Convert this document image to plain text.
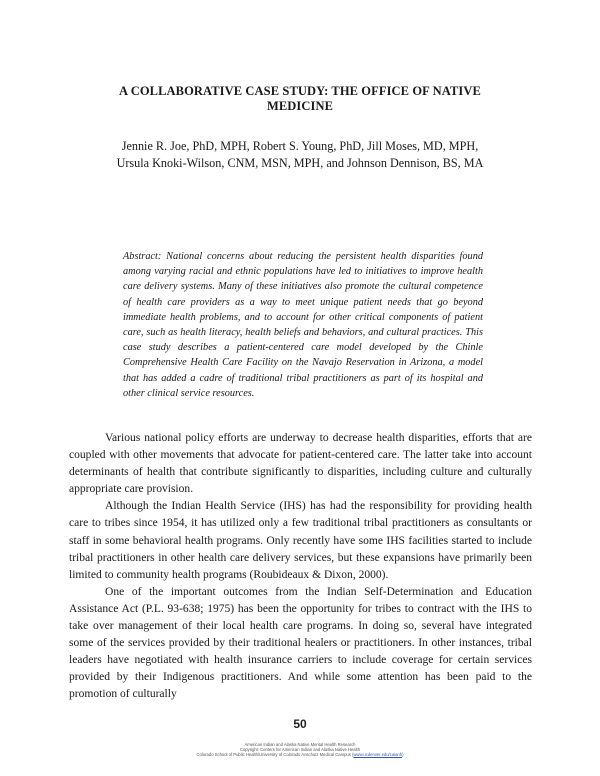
A COLLABORATIVE CASE STUDY: THE OFFICE OF NATIVE MEDICINE
Jennie R. Joe, PhD, MPH, Robert S. Young, PhD, Jill Moses, MD, MPH,
Ursula Knoki-Wilson, CNM, MSN, MPH, and Johnson Dennison, BS, MA
Abstract: National concerns about reducing the persistent health disparities found among varying racial and ethnic populations have led to initiatives to improve health care delivery systems. Many of these initiatives also promote the cultural competence of health care providers as a way to meet unique patient needs that go beyond immediate health problems, and to account for other critical components of patient care, such as health literacy, health beliefs and behaviors, and cultural practices. This case study describes a patient-centered care model developed by the Chinle Comprehensive Health Care Facility on the Navajo Reservation in Arizona, a model that has added a cadre of traditional tribal practitioners as part of its hospital and other clinical service resources.

Various national policy efforts are underway to decrease health disparities, efforts that are coupled with other movements that advocate for patient-centered care. The latter take into account determinants of health that contribute significantly to disparities, including culture and culturally appropriate care provision.

Although the Indian Health Service (IHS) has had the responsibility for providing health care to tribes since 1954, it has utilized only a few traditional tribal practitioners as consultants or staff in some behavioral health programs. Only recently have some IHS facilities started to include tribal practitioners in other health care delivery services, but these expansions have primarily been limited to community health programs (Roubideaux & Dixon, 2000).

One of the important outcomes from the Indian Self-Determination and Education Assistance Act (P.L. 93-638; 1975) has been the opportunity for tribes to contract with the IHS to take over management of their local health care programs. In doing so, several have integrated some of the services provided by their traditional healers or practitioners. In other instances, tribal leaders have negotiated with health insurance carriers to include coverage for certain services provided by their Indigenous practitioners. And while some attention has been paid to the promotion of culturally

50
American Indian and Alaska Native Mental Health Research
Copyright: Centers for American Indian and Alaska Native Health
Colorado School of Public Health/University of Colorado Anschutz Medical Campus (www.ucdenver.edu/caianh)
